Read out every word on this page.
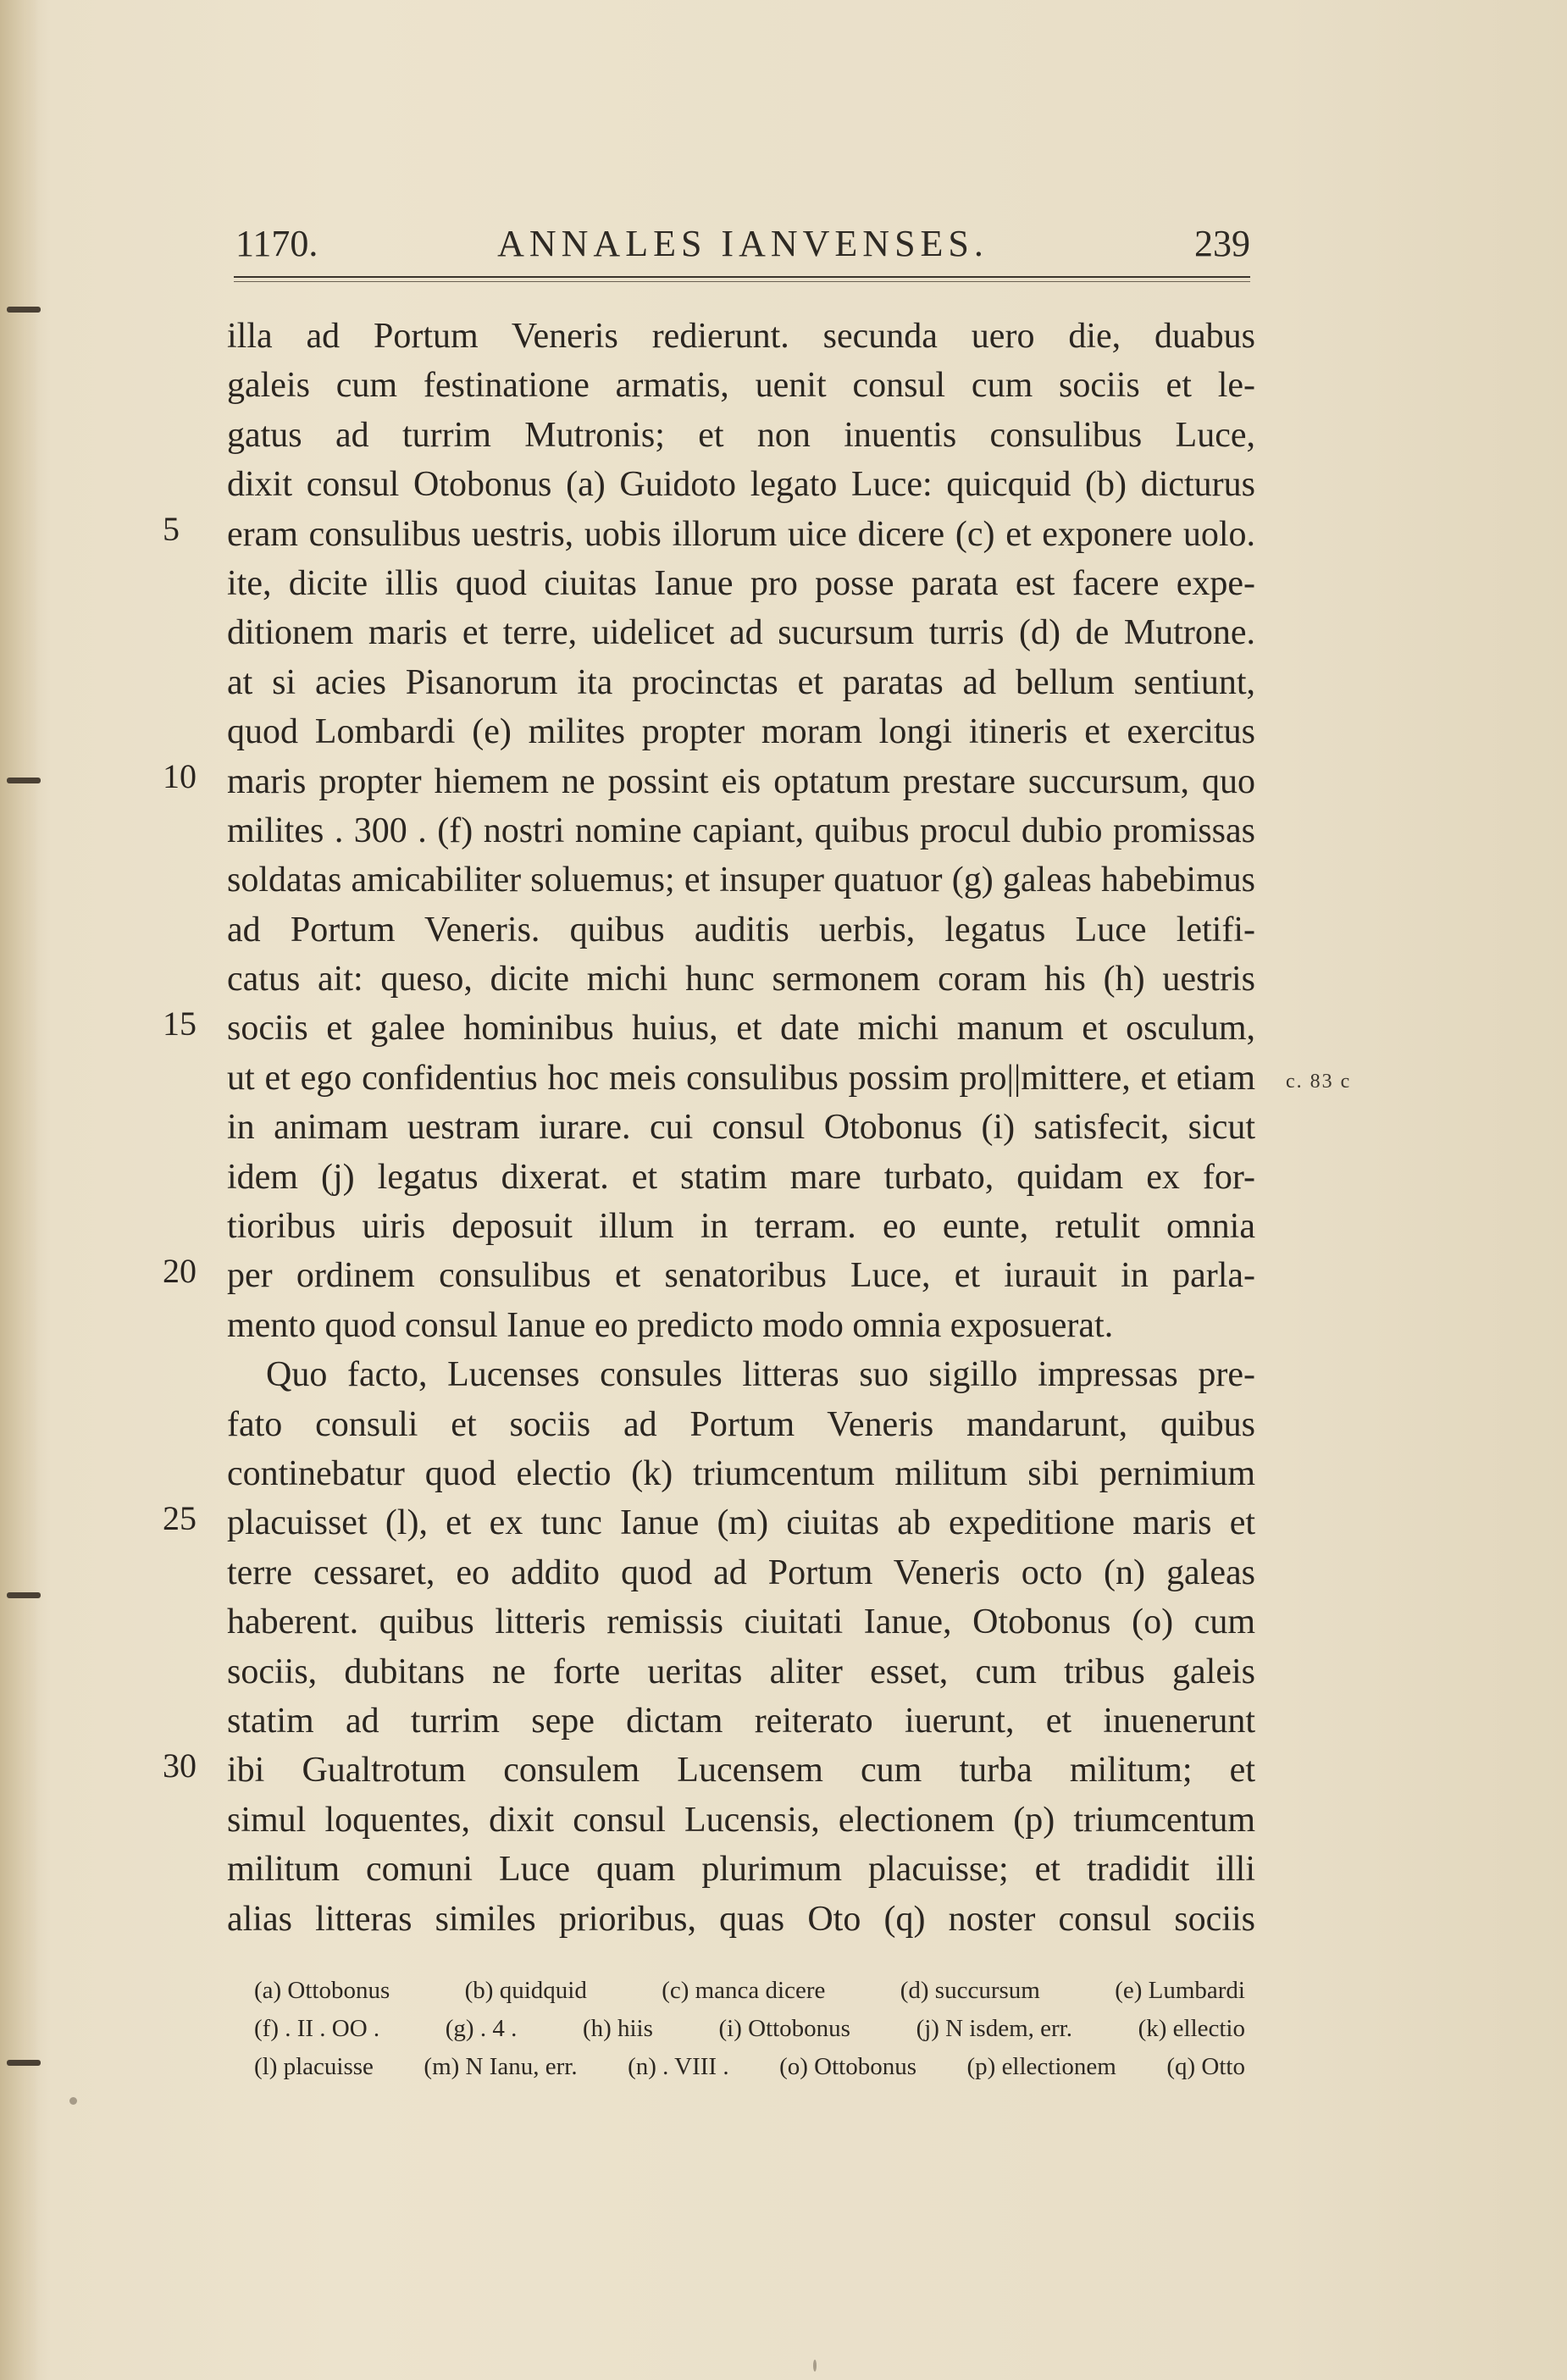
1170.	ANNALES IANVENSES.	239
5
10
15
20
25
30
illa ad Portum Veneris redierunt. secunda uero die, duabus
galeis cum festinatione armatis, uenit consul cum sociis et le-
gatus ad turrim Mutronis; et non inuentis consulibus Luce,
dixit consul Otobonus (a) Guidoto legato Luce: quicquid (b) dicturus
eram consulibus uestris, uobis illorum uice dicere (c) et exponere uolo.
ite, dicite illis quod ciuitas Ianue pro posse parata est facere expe-
ditionem maris et terre, uidelicet ad sucursum turris (d) de Mutrone.
at si acies Pisanorum ita procinctas et paratas ad bellum sentiunt,
quod Lombardi (e) milites propter moram longi itineris et exercitus
maris propter hiemem ne possint eis optatum prestare succursum, quo
milites . 300 . (f) nostri nomine capiant, quibus procul dubio promissas
soldatas amicabiliter soluemus; et insuper quatuor (g) galeas habebimus
ad Portum Veneris. quibus auditis uerbis, legatus Luce letifi-
catus ait: queso, dicite michi hunc sermonem coram his (h) uestris
sociis et galee hominibus huius, et date michi manum et osculum,
ut et ego confidentius hoc meis consulibus possim pro||mittere, et etiam
in animam uestram iurare. cui consul Otobonus (i) satisfecit, sicut
idem (j) legatus dixerat. et statim mare turbato, quidam ex for-
tioribus uiris deposuit illum in terram. eo eunte, retulit omnia
per ordinem consulibus et senatoribus Luce, et iurauit in parla-
mento quod consul Ianue eo predicto modo omnia exposuerat.
Quo facto, Lucenses consules litteras suo sigillo impressas pre-
fato consuli et sociis ad Portum Veneris mandarunt, quibus
continebatur quod electio (k) triumcentum militum sibi pernimium
placuisset (l), et ex tunc Ianue (m) ciuitas ab expeditione maris et
terre cessaret, eo addito quod ad Portum Veneris octo (n) galeas
haberent. quibus litteris remissis ciuitati Ianue, Otobonus (o) cum
sociis, dubitans ne forte ueritas aliter esset, cum tribus galeis
statim ad turrim sepe dictam reiterato iuerunt, et inuenerunt
ibi Gualtrotum consulem Lucensem cum turba militum; et
simul loquentes, dixit consul Lucensis, electionem (p) triumcentum
militum comuni Luce quam plurimum placuisse; et tradidit illi
alias litteras similes prioribus, quas Oto (q) noster consul sociis
c. 83 c
(a) Ottobonus	(b) quidquid	(c) manca dicere	(d) succursum	(e) Lumbardi
(f) . II . OO .	(g) . 4 .	(h) hiis	(i) Ottobonus	(j) N isdem, err.	(k) ellectio
(l) placuisse (m) N Ianu, err. (n) . VIII . (o) Ottobonus (p) ellectionem (q) Otto
